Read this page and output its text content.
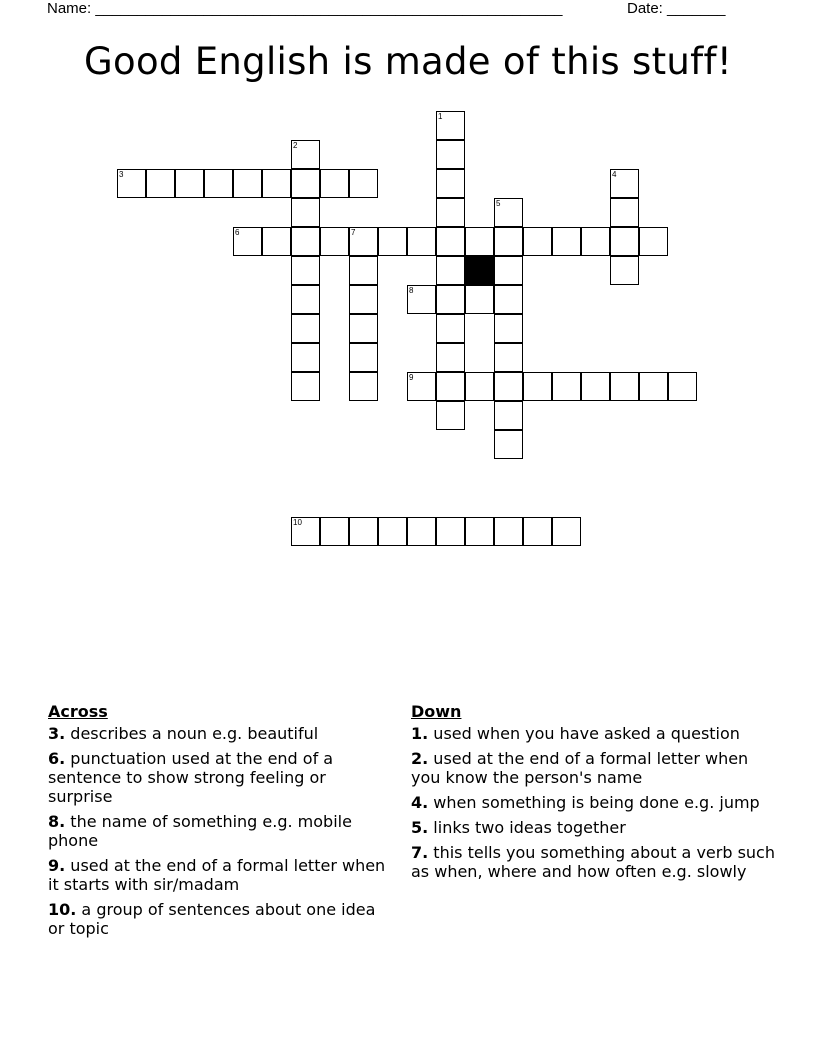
Name: ________________________________________________________	Date: _______
Good English is made of this stuff!
1
2
3	4
5
6	7
8
9
10
Across
3. describes a noun e.g. beautiful
6. punctuation used at the end of a sentence to show strong feeling or surprise
8. the name of something e.g. mobile phone
9. used at the end of a formal letter when it starts with sir/madam
10. a group of sentences about one idea or topic
Down
1. used when you have asked a question
2. used at the end of a formal letter when you know the person's name
4. when something is being done e.g. jump
5. links two ideas together
7. this tells you something about a verb such as when, where and how often e.g. slowly
